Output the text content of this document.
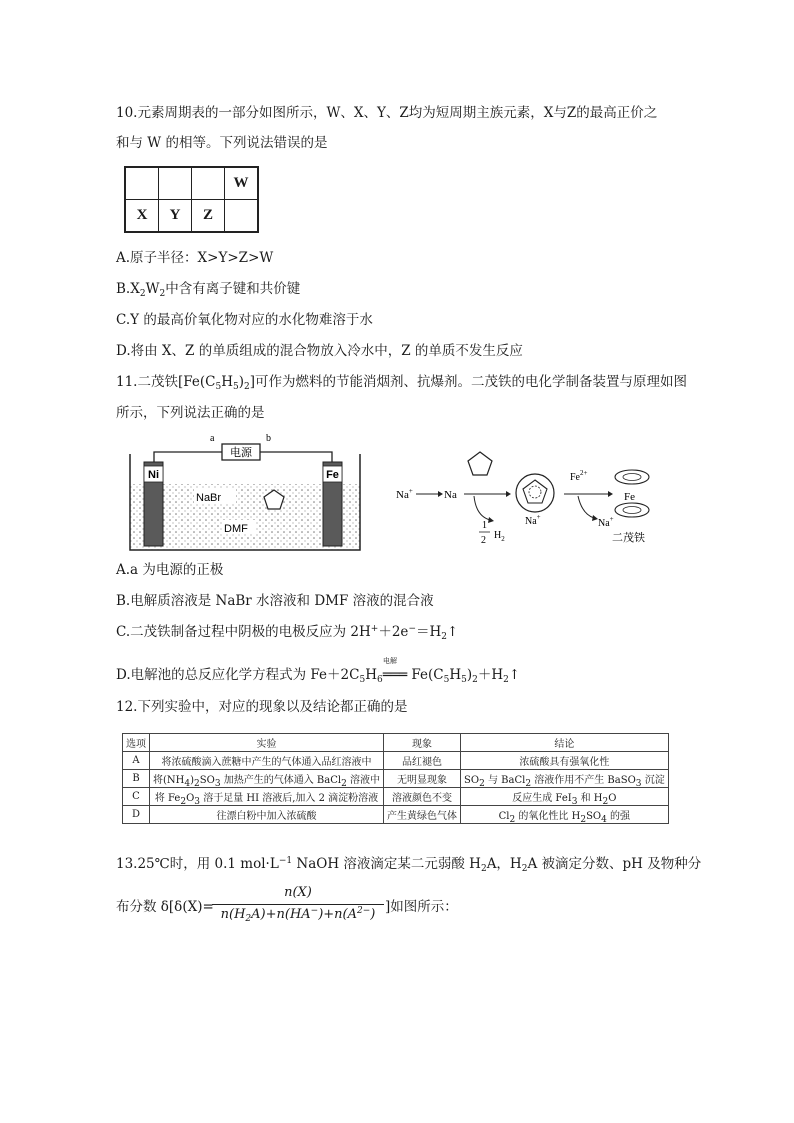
10.元素周期表的一部分如图所示，W、X、Y、Z均为短周期主族元素，X与Z的最高正价之
和与 W 的相等。下列说法错误的是
			W
X	Y	Z	
A.原子半径：X>Y>Z>W
$B.X_2W_2$中含有离子键和共价键
C.Y 的最高价氧化物对应的水化物难溶于水
D.将由 X、Z 的单质组成的混合物放入冷水中，Z 的单质不发生反应
11.二茂铁$[Fe(C_5H_5)_2]$可作为燃料的节能消烟剂、抗爆剂。二茂铁的电化学制备装置与原理如图
所示，下列说法正确的是
电源
a	b
Ni	Fe
NaBr
DMF
Na+	Na
1
2 $H_2$
Na+
$Fe^{2+}$
Na+
Fe
二茂铁
A.a 为电源的正极
B.电解质溶液是 NaBr 水溶液和 DMF 溶液的混合液
C.二茂铁制备过程中阴极的电极反应为 $2H^++2e^-=H_2↑$
电解
D.电解池的总反应化学方程式为 $Fe+2C_5H_6═══$ $Fe(C_5H_5)_2+H_2↑$
12.下列实验中，对应的现象以及结论都正确的是
选项	实验	现象	结论
A	将浓硫酸滴入蔗糖中产生的气体通入品红溶液中	品红褪色	浓硫酸具有强氧化性
B	将$(NH_4)_2SO_3$ 加热产生的气体通入 BaCl$_2$ 溶液中	无明显现象	$SO_2$ 与 BaCl$_2$ 溶液作用不产生 BaSO$_3$ 沉淀
C	将 $Fe_2O_3$ 溶于足量 HI 溶液后,加入 2 滴淀粉溶液	溶液颜色不变	反应生成 FeI$_3$ 和 $H_2O$
D	往漂白粉中加入浓硫酸	产生黄绿色气体	$Cl_2$ 的氧化性比 $H_2SO_4$ 的强
13.25℃时，用 0.1 $mol\cdot L^{-1}$ NaOH 溶液滴定某二元弱酸 $H_2A$，$H_2A$ 被滴定分数、pH 及物种分
布分数 δ[δ(X)=
n(X)
$n(H_2A)+n(HA^-)+n(A^{2-})$ ]如图所示：
